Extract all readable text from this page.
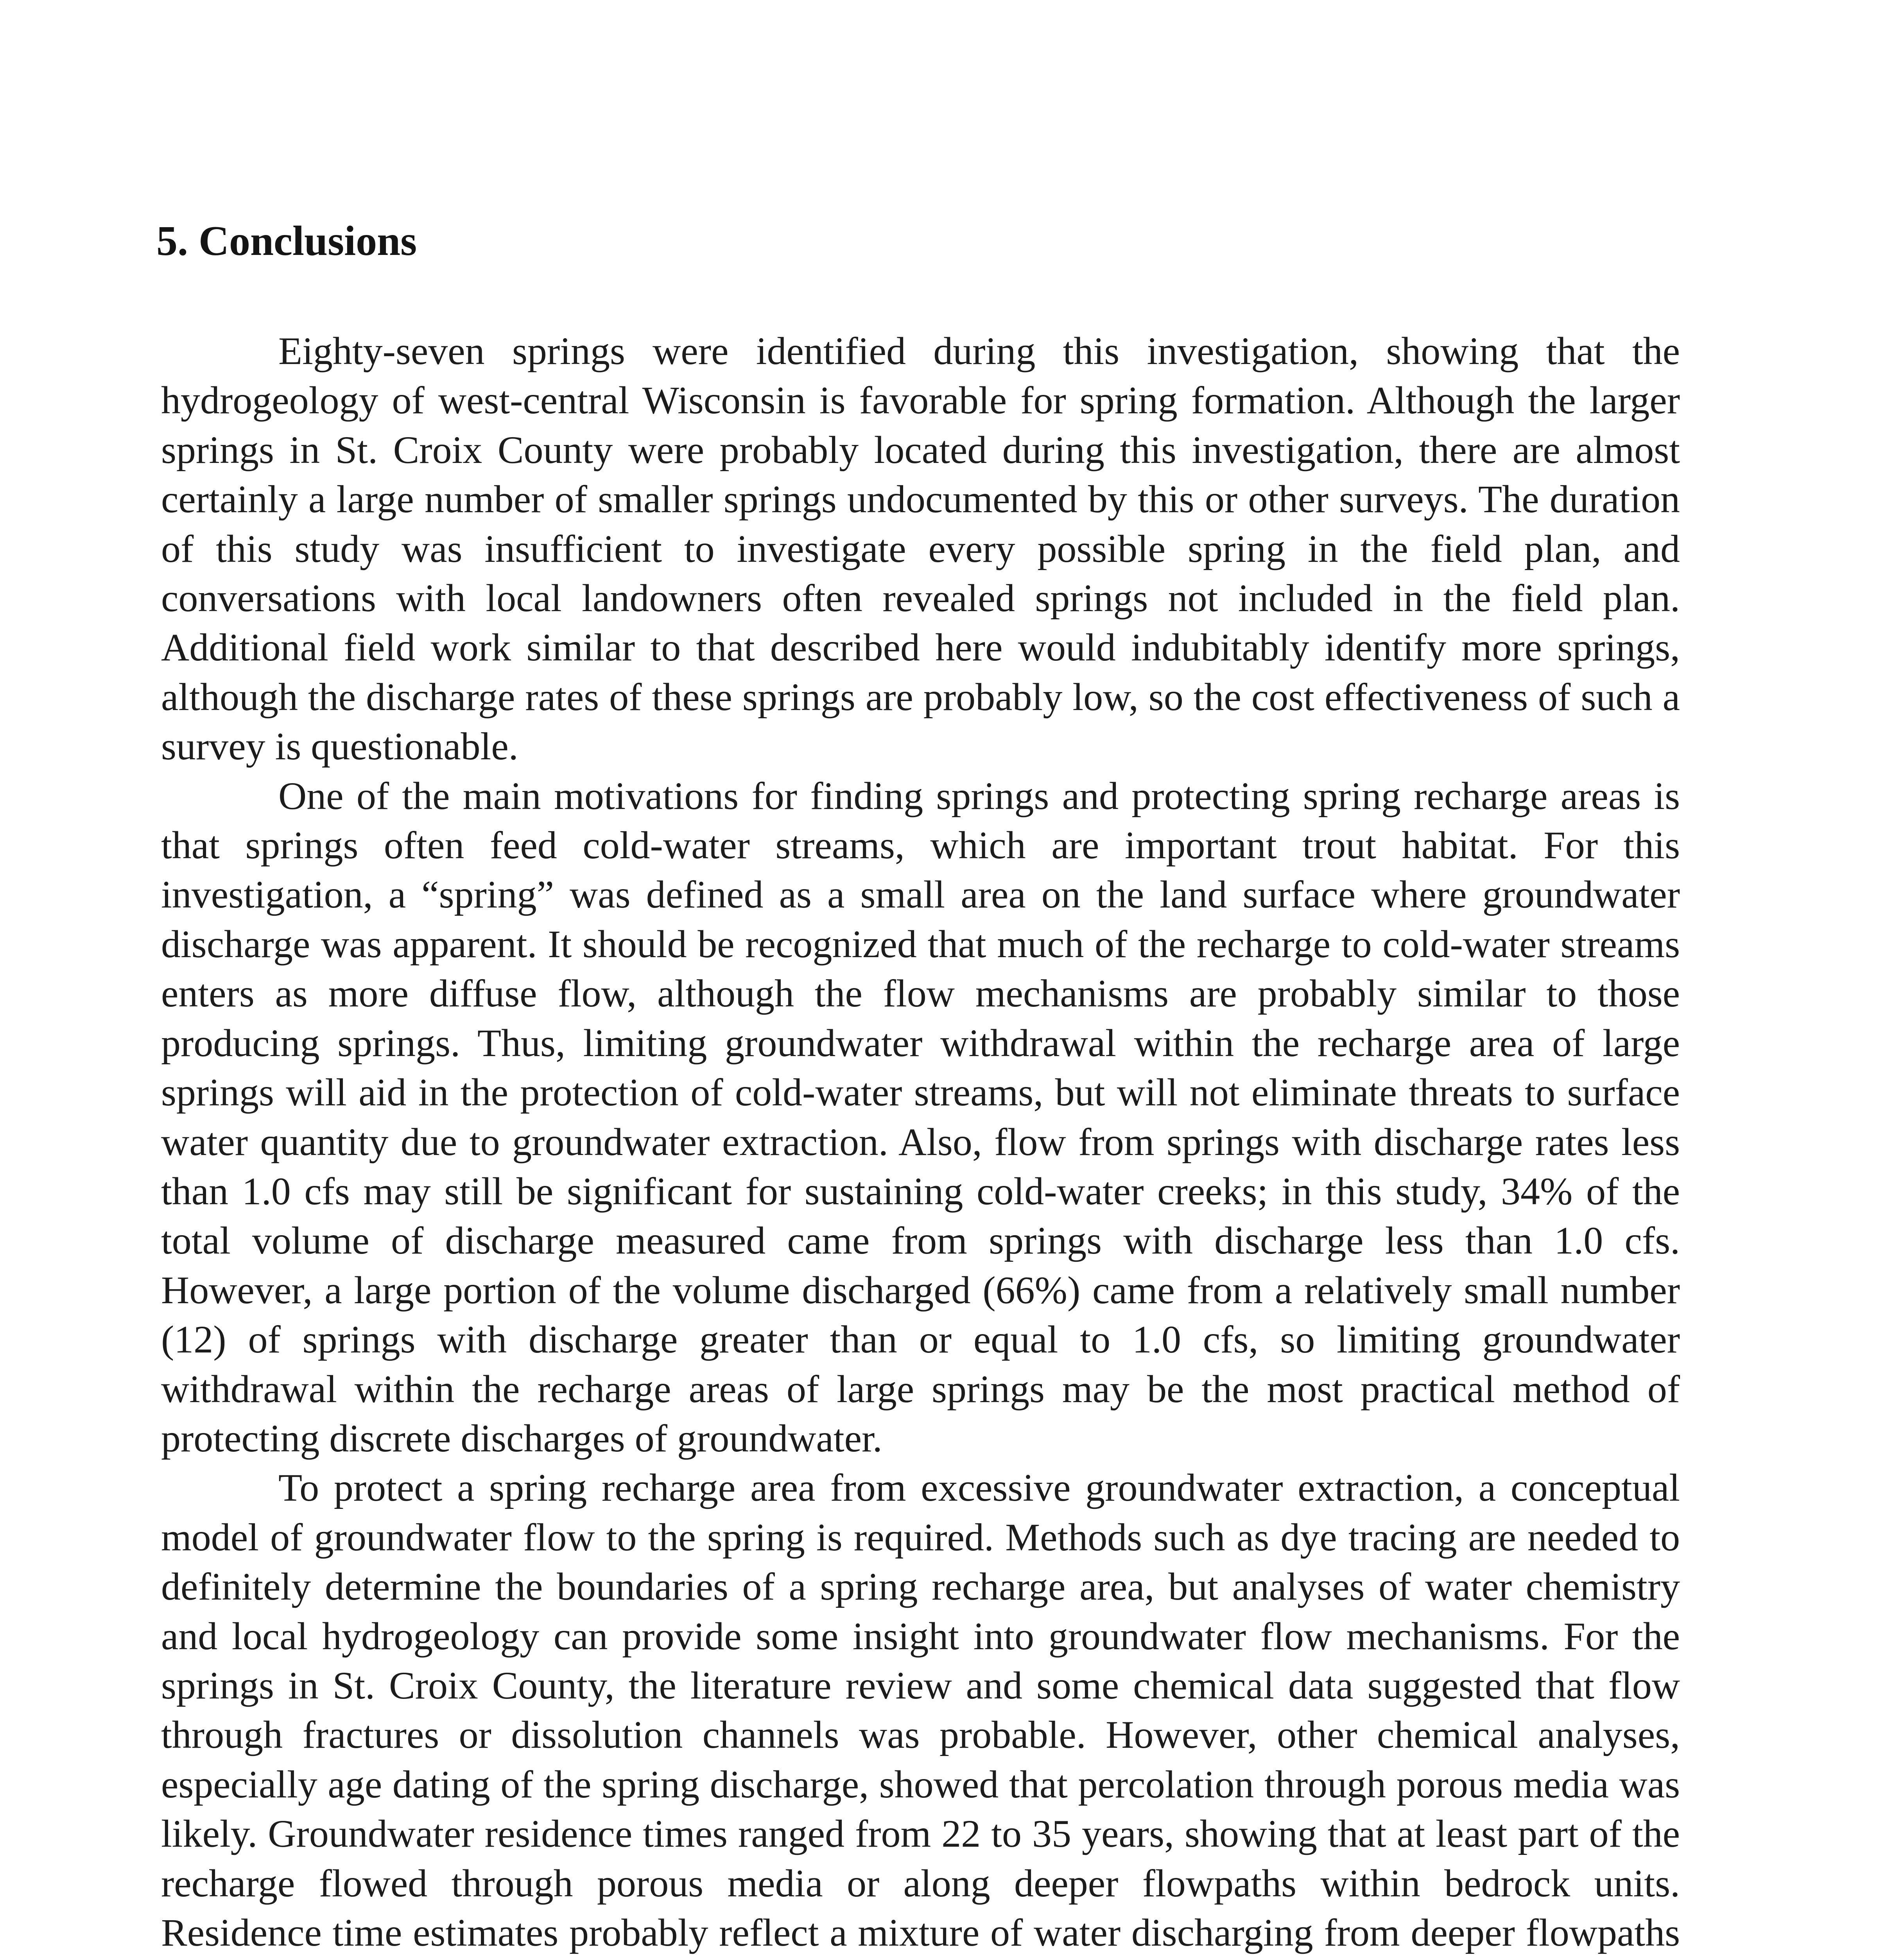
5. Conclusions

Eighty-seven springs were identified during this investigation, showing that the hydrogeology of west-central Wisconsin is favorable for spring formation. Although the larger springs in St. Croix County were probably located during this investigation, there are almost certainly a large number of smaller springs undocumented by this or other surveys. The duration of this study was insufficient to investigate every possible spring in the field plan, and conversations with local landowners often revealed springs not included in the field plan. Additional field work similar to that described here would indubitably identify more springs, although the discharge rates of these springs are probably low, so the cost effectiveness of such a survey is questionable.

One of the main motivations for finding springs and protecting spring recharge areas is that springs often feed cold-water streams, which are important trout habitat. For this investigation, a “spring” was defined as a small area on the land surface where groundwater discharge was apparent. It should be recognized that much of the recharge to cold-water streams enters as more diffuse flow, although the flow mechanisms are probably similar to those producing springs. Thus, limiting groundwater withdrawal within the recharge area of large springs will aid in the protection of cold-water streams, but will not eliminate threats to surface water quantity due to groundwater extraction. Also, flow from springs with discharge rates less than 1.0 cfs may still be significant for sustaining cold-water creeks; in this study, 34% of the total volume of discharge measured came from springs with discharge less than 1.0 cfs. However, a large portion of the volume discharged (66%) came from a relatively small number (12) of springs with discharge greater than or equal to 1.0 cfs, so limiting groundwater withdrawal within the recharge areas of large springs may be the most practical method of protecting discrete discharges of groundwater.

To protect a spring recharge area from excessive groundwater extraction, a conceptual model of groundwater flow to the spring is required. Methods such as dye tracing are needed to definitely determine the boundaries of a spring recharge area, but analyses of water chemistry and local hydrogeology can provide some insight into groundwater flow mechanisms. For the springs in St. Croix County, the literature review and some chemical data suggested that flow through fractures or dissolution channels was probable. However, other chemical analyses, especially age dating of the spring discharge, showed that percolation through porous media was likely. Groundwater residence times ranged from 22 to 35 years, showing that at least part of the recharge flowed through porous media or along deeper flowpaths within bedrock units. Residence time estimates probably reflect a mixture of water discharging from deeper flowpaths
